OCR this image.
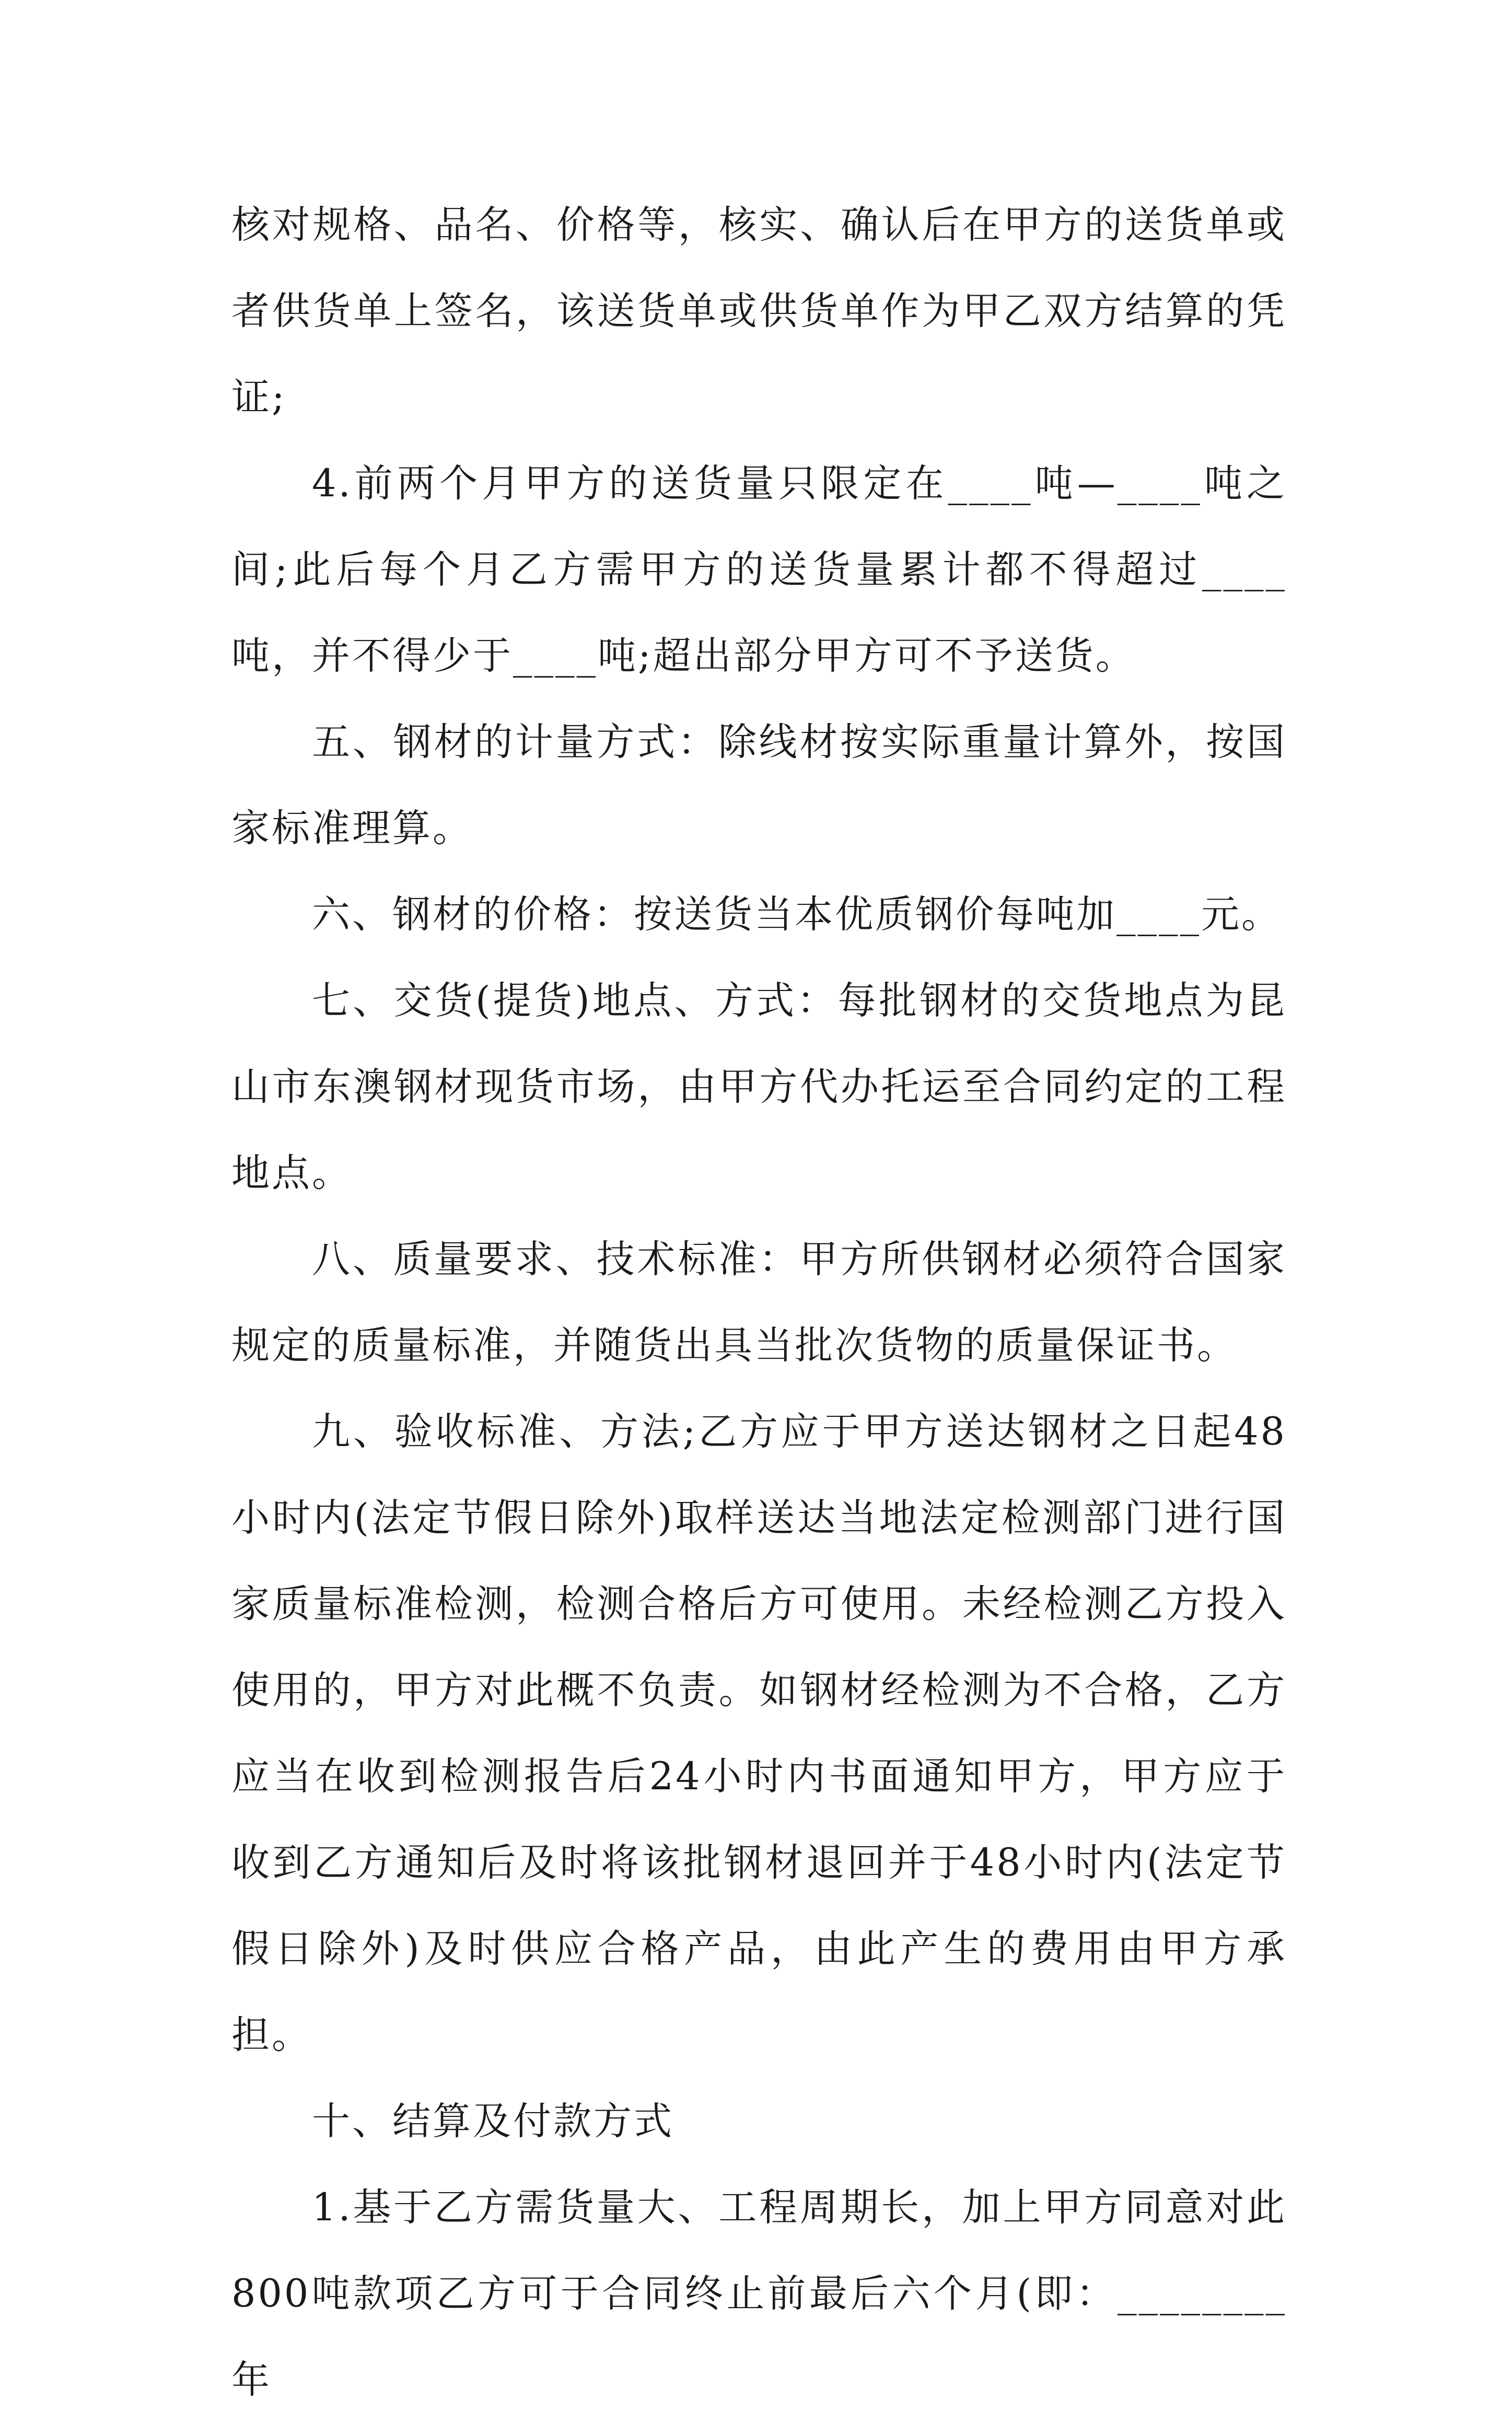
核对规格、品名、价格等，核实、确认后在甲方的送货单或者供货单上签名，该送货单或供货单作为甲乙双方结算的凭证;

4.前两个月甲方的送货量只限定在____吨—____吨之间;此后每个月乙方需甲方的送货量累计都不得超过____吨，并不得少于____吨;超出部分甲方可不予送货。

五、钢材的计量方式：除线材按实际重量计算外，按国家标准理算。

六、钢材的价格：按送货当本优质钢价每吨加____元。

七、交货(提货)地点、方式：每批钢材的交货地点为昆山市东澳钢材现货市场，由甲方代办托运至合同约定的工程地点。

八、质量要求、技术标准：甲方所供钢材必须符合国家规定的质量标准，并随货出具当批次货物的质量保证书。

九、验收标准、方法;乙方应于甲方送达钢材之日起48小时内(法定节假日除外)取样送达当地法定检测部门进行国家质量标准检测，检测合格后方可使用。未经检测乙方投入使用的，甲方对此概不负责。如钢材经检测为不合格，乙方应当在收到检测报告后24小时内书面通知甲方，甲方应于收到乙方通知后及时将该批钢材退回并于48小时内(法定节假日除外)及时供应合格产品，由此产生的费用由甲方承担。

十、结算及付款方式

1.基于乙方需货量大、工程周期长，加上甲方同意对此800吨款项乙方可于合同终止前最后六个月(即：________年
